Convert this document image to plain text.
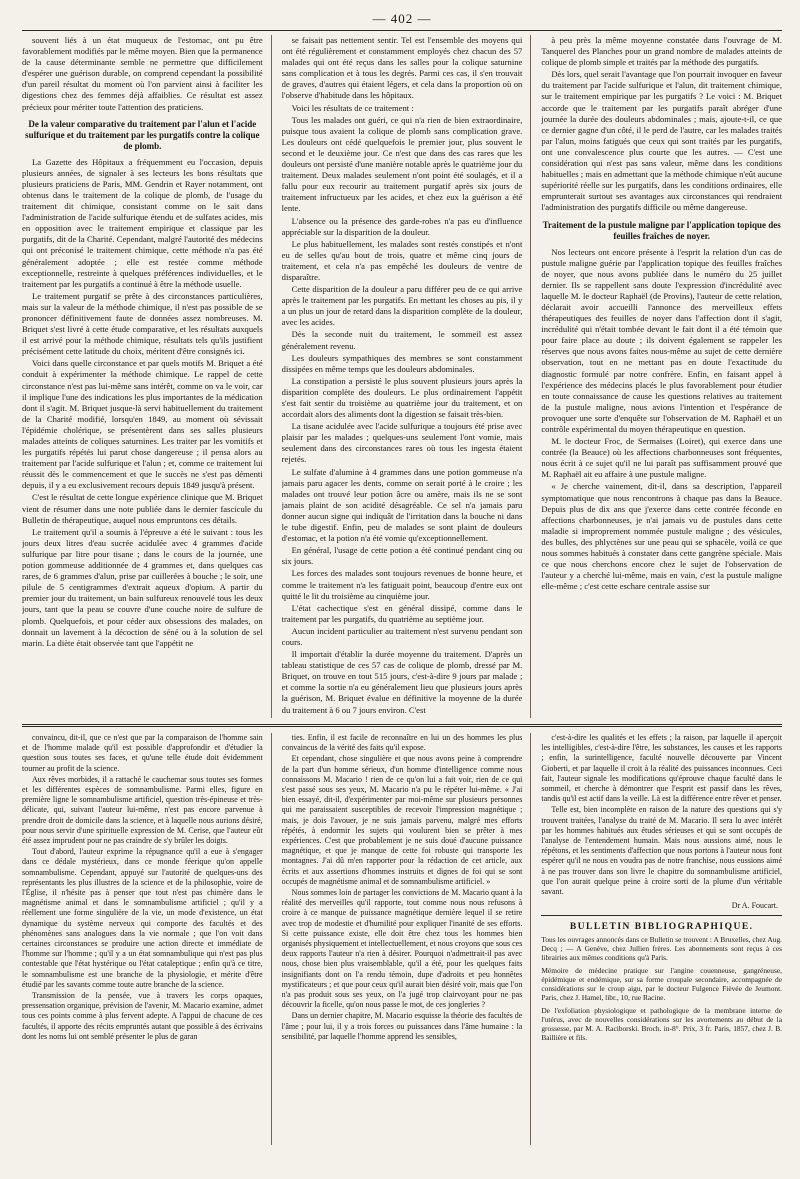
— 402 —

souvent liés à un état muqueux de l'estomac, ont pu être favorablement modifiés par le même moyen. Bien que la permanence de la cause déterminante semble ne permettre que difficilement d'espérer une guérison durable, on comprend cependant la possibilité d'un pareil résultat du moment où l'on parvient ainsi à faciliter les digestions chez des femmes déjà affaiblies. Ce résultat est assez précieux pour mériter toute l'attention des praticiens.

De la valeur comparative du traitement par l'alun et l'acide sulfurique et du traitement par les purgatifs contre la colique de plomb.

La Gazette des Hôpitaux a fréquemment eu l'occasion, depuis plusieurs années, de signaler à ses lecteurs les bons résultats que plusieurs praticiens de Paris, MM. Gendrin et Rayer notamment, ont obtenus dans le traitement de la colique de plomb, de l'usage du traitement dit chimique, consistant comme on le sait dans l'administration de l'acide sulfurique étendu et de sulfates acides, mis en opposition avec le traitement empirique et classique par les purgatifs, dit de la Charité. Cependant, malgré l'autorité des médecins qui ont préconisé le traitement chimique, cette méthode n'a pas été généralement adoptée ; elle est restée comme méthode exceptionnelle, restreinte à quelques préférences individuelles, et le traitement par les purgatifs a continué à être la méthode usuelle.

Le traitement purgatif se prête à des circonstances particulières, mais sur la valeur de la méthode chimique, il n'est pas possible de se prononcer définitivement faute de données assez nombreuses. M. Briquet s'est livré à cette étude comparative, et les résultats auxquels il est arrivé pour la méthode chimique, résultats tels qu'ils justifient précisément cette latitude du choix, méritent d'être consignés ici.

Voici dans quelle circonstance et par quels motifs M. Briquet a été conduit à expérimenter la méthode chimique. Le rappel de cette circonstance n'est pas lui-même sans intérêt, comme on va le voir, car il implique l'une des indications les plus importantes de la médication dont il s'agit. M. Briquet jusque-là servi habituellement du traitement de la Charité modifié, lorsqu'en 1849, au moment où sévissait l'épidémie cholérique, se présentèrent dans ses salles plusieurs malades atteints de coliques saturnines. Les traiter par les vomitifs et les purgatifs répétés lui parut chose dangereuse ; il pensa alors au traitement par l'acide sulfurique et l'alun ; et, comme ce traitement lui réussit dès le commencement et que le succès ne s'est pas démenti depuis, il y a eu exclusivement recours depuis 1849 jusqu'à présent.

C'est le résultat de cette longue expérience clinique que M. Briquet vient de résumer dans une note publiée dans le dernier fascicule du Bulletin de thérapeutique, auquel nous empruntons ces détails.

Le traitement qu'il a soumis à l'épreuve a été le suivant : tous les jours deux litres d'eau sucrée acidulée avec 4 grammes d'acide sulfurique par litre pour tisane ; dans le cours de la journée, une potion gommeuse additionnée de 4 grammes et, dans quelques cas rares, de 6 grammes d'alun, prise par cuillerées à bouche ; le soir, une pilule de 5 centigrammes d'extrait aqueux d'opium. A partir du premier jour du traitement, un bain sulfureux renouvelé tous les deux jours, tant que la peau se couvre d'une couche noire de sulfure de plomb. Quelquefois, et pour céder aux obsessions des malades, on donnait un lavement à la décoction de séné ou à la solution de sel marin. La diète était observée tant que l'appétit ne

se faisait pas nettement sentir. Tel est l'ensemble des moyens qui ont été régulièrement et constamment employés chez chacun des 57 malades qui ont été reçus dans les salles pour la colique saturnine sans complication et à tous les degrés. Parmi ces cas, il s'en trouvait de graves, d'autres qui étaient légers, et cela dans la proportion où on l'observe d'habitude dans les hôpitaux.

Voici les résultats de ce traitement :

Tous les malades ont guéri, ce qui n'a rien de bien extraordinaire, puisque tous avaient la colique de plomb sans complication grave. Les douleurs ont cédé quelquefois le premier jour, plus souvent le second et le deuxième jour. Ce n'est que dans des cas rares que les douleurs ont persisté d'une manière notable après le quatrième jour du traitement. Deux malades seulement n'ont point été soulagés, et il a fallu pour eux recourir au traitement purgatif après six jours de traitement infructueux par les acides, et chez eux la guérison a été lente.

L'absence ou la présence des garde-robes n'a pas eu d'influence appréciable sur la disparition de la douleur.

Le plus habituellement, les malades sont restés constipés et n'ont eu de selles qu'au bout de trois, quatre et même cinq jours de traitement, et cela n'a pas empêché les douleurs de ventre de disparaître.

Cette disparition de la douleur a paru différer peu de ce qui arrive après le traitement par les purgatifs. En mettant les choses au pis, il y a un plus un jour de retard dans la disparition complète de la douleur, avec les acides.

Dès la seconde nuit du traitement, le sommeil est assez généralement revenu.

Les douleurs sympathiques des membres se sont constamment dissipées en même temps que les douleurs abdominales.

La constipation a persisté le plus souvent plusieurs jours après la disparition complète des douleurs. Le plus ordinairement l'appétit s'est fait sentir du troisième au quatrième jour du traitement, et on accordait alors des aliments dont la digestion se faisait très-bien.

La tisane acidulée avec l'acide sulfurique a toujours été prise avec plaisir par les malades ; quelques-uns seulement l'ont vomie, mais seulement dans des circonstances rares où tous les ingesta étaient rejetés.

Le sulfate d'alumine à 4 grammes dans une potion gommeuse n'a jamais paru agacer les dents, comme on serait porté à le croire ; les malades ont trouvé leur potion âcre ou amère, mais ils ne se sont jamais plaint de son acidité désagréable. Ce sel n'a jamais paru donner aucun signe qui indiquât de l'irritation dans la bouche ni dans le tube digestif. Enfin, peu de malades se sont plaint de douleurs d'estomac, et la potion n'a été vomie qu'exceptionnellement.

En général, l'usage de cette potion a été continué pendant cinq ou six jours.

Les forces des malades sont toujours revenues de bonne heure, et comme le traitement n'a les fatiguait point, beaucoup d'entre eux ont quitté le lit du troisième au cinquième jour.

L'état cachectique s'est en général dissipé, comme dans le traitement par les purgatifs, du quatrième au septième jour.

Aucun incident particulier au traitement n'est survenu pendant son cours.

Il importait d'établir la durée moyenne du traitement. D'après un tableau statistique de ces 57 cas de colique de plomb, dressé par M. Briquet, on trouve en tout 515 jours, c'est-à-dire 9 jours par malade ; et comme la sortie n'a eu généralement lieu que plusieurs jours après la guérison, M. Briquet évalue en définitive la moyenne de la durée du traitement à 6 ou 7 jours environ. C'est

à peu près la même moyenne constatée dans l'ouvrage de M. Tanquerel des Planches pour un grand nombre de malades atteints de colique de plomb simple et traités par la méthode des purgatifs.

Dès lors, quel serait l'avantage que l'on pourrait invoquer en faveur du traitement par l'acide sulfurique et l'alun, dit traitement chimique, sur le traitement empirique par les purgatifs ? Le voici : M. Briquet accorde que le traitement par les purgatifs paraît abréger d'une journée la durée des douleurs abdominales ; mais, ajoute-t-il, ce que ce dernier gagne d'un côté, il le perd de l'autre, car les malades traités par l'alun, moins fatigués que ceux qui sont traités par les purgatifs, ont une convalescence plus courte que les autres. — C'est une considération qui n'est pas sans valeur, même dans les conditions habituelles ; mais en admettant que la méthode chimique n'eût aucune supériorité réelle sur les purgatifs, dans les conditions ordinaires, elle emprunterait surtout ses avantages aux circonstances qui rendraient l'administration des purgatifs difficile ou même dangereuse.

Traitement de la pustule maligne par l'application topique des feuilles fraîches de noyer.

Nos lecteurs ont encore présente à l'esprit la relation d'un cas de pustule maligne guérie par l'application topique des feuilles fraîches de noyer, que nous avons publiée dans le numéro du 25 juillet dernier. Ils se rappellent sans doute l'expression d'incrédulité avec laquelle M. le docteur Raphaël (de Provins), l'auteur de cette relation, déclarait avoir accueilli l'annonce des merveilleux effets thérapeutiques des feuilles de noyer dans l'affection dont il s'agit, incrédulité qui n'était tombée devant le fait dont il a été témoin que pour faire place au doute ; ils doivent également se rappeler les réserves que nous avons faites nous-même au sujet de cette dernière observation, tout en ne mettant pas en doute l'exactitude du diagnostic formulé par notre confrère. Enfin, en faisant appel à l'expérience des médecins placés le plus favorablement pour étudier en toute connaissance de cause les questions relatives au traitement de la pustule maligne, nous avions l'intention et l'espérance de provoquer une sorte d'enquête sur l'observation de M. Raphaël et un contrôle expérimental du moyen thérapeutique en question.

M. le docteur Froc, de Sermaises (Loiret), qui exerce dans une contrée (la Beauce) où les affections charbonneuses sont fréquentes, nous écrit à ce sujet qu'il ne lui paraît pas suffisamment prouvé que M. Raphaël ait eu affaire à une pustule maligne.

« Je cherche vainement, dit-il, dans sa description, l'appareil symptomatique que nous rencontrons à chaque pas dans la Beauce. Depuis plus de dix ans que j'exerce dans cette contrée féconde en affections charbonneuses, je n'ai jamais vu de pustules dans cette maladie si improprement nommée pustule maligne ; des vésicules, des bulles, des phlyctènes sur une peau qui se sphacèle, voilà ce que nous sommes habitués à constater dans cette gangrène spéciale. Mais ce que nous cherchons encore chez le sujet de l'observation de l'auteur y a cherché lui-même, mais en vain, c'est la pustule maligne elle-même ; c'est cette eschare centrale assise sur

convaincu, dit-il, que ce n'est que par la comparaison de l'homme sain et de l'homme malade qu'il est possible d'approfondir et d'étudier la question sous toutes ses faces, et qu'une telle étude doit évidemment tourner au profit de la science.

Aux rêves morbides, il a rattaché le cauchemar sous toutes ses formes et les différentes espèces de somnambulisme. Parmi elles, figure en première ligne le somnambulisme artificiel, question très-épineuse et très-délicate, qui, suivant l'auteur lui-même, n'est pas encore parvenue à prendre droit de domicile dans la science, et à laquelle nous aurions désiré, pour nous servir d'une spirituelle expression de M. Cerise, que l'auteur eût été assez imprudent pour ne pas craindre de s'y brûler les doigts.

Tout d'abord, l'auteur exprime la répugnance qu'il a eue à s'engager dans ce dédale mystérieux, dans ce monde féerique qu'on appelle somnambulisme. Cependant, appuyé sur l'autorité de quelques-uns des représentants les plus illustres de la science et de la philosophie, voire de l'Église, il n'hésite pas à penser que tout n'est pas chimère dans le magnétisme animal et dans le somnambulisme artificiel ; qu'il y a réellement une forme singulière de la vie, un mode d'existence, un état dynamique du système nerveux qui comporte des facultés et des phénomènes sans analogues dans la vie normale ; que l'on voit dans certaines circonstances se produire une action directe et immédiate de l'homme sur l'homme ; qu'il y a un état somnambulique qui n'est pas plus contestable que l'état hystérique ou l'état cataleptique ; enfin qu'à ce titre, le somnambulisme est une branche de la physiologie, et mérite d'être étudié par les savants comme toute autre branche de la science.

Transmission de la pensée, vue à travers les corps opaques, pressensation organique, prévision de l'avenir, M. Macario examine, admet tous ces points comme à plus fervent adepte. A l'appui de chacune de ces facultés, il apporte des récits empruntés autant que possible à des écrivains dont les noms lui ont semblé présenter le plus de garan

ties. Enfin, il est facile de reconnaître en lui un des hommes les plus convaincus de la vérité des faits qu'il expose.

Et cependant, chose singulière et que nous avons peine à comprendre de la part d'un homme sérieux, d'un homme d'intelligence comme nous connaissons M. Macario ! rien de ce qu'on lui a fait voir, rien de ce qui s'est passé sous ses yeux, M. Macario n'a pu le répéter lui-même. « J'ai bien essayé, dit-il, d'expérimenter par moi-même sur plusieurs personnes qui me paraissaient susceptibles de recevoir l'impression magnétique ; mais, je dois l'avouer, je ne suis jamais parvenu, malgré mes efforts répétés, à endormir les sujets qui voulurent bien se prêter à mes expériences. C'est que probablement je ne suis doué d'aucune puissance magnétique, et que je manque de cette foi robuste qui transporte les montagnes. J'ai dû m'en rapporter pour la rédaction de cet article, aux écrits et aux assertions d'hommes instruits et dignes de foi qui se sont occupés de magnétisme animal et de somnambulisme artificiel. »

Nous sommes loin de partager les convictions de M. Macario quant à la réalité des merveilles qu'il rapporte, tout comme nous nous refusons à croire à ce manque de puissance magnétique dernière lequel il se retire avec trop de modestie et d'humilité pour expliquer l'inanité de ses efforts. Si cette puissance existe, elle doit être chez tous les hommes bien organisés physiquement et intellectuellement, et nous croyons que sous ces deux rapports l'auteur n'a rien à désirer. Pourquoi n'admettrait-il pas avec nous, chose bien plus vraisemblable, qu'il a été, pour les quelques faits insignifiants dont on l'a rendu témoin, dupe d'adroits et peu honnêtes mystificateurs ; et que pour ceux qu'il aurait bien désiré voir, mais que l'on n'a pas produit sous ses yeux, on l'a jugé trop clairvoyant pour ne pas découvrir la ficelle, qu'on nous passe le mot, de ces jongleries ?

Dans un dernier chapitre, M. Macario esquisse la théorie des facultés de l'âme ; pour lui, il y a trois forces ou puissances dans l'âme humaine : la sensibilité, par laquelle l'homme apprend les sensibles,

c'est-à-dire les qualités et les effets ; la raison, par laquelle il aperçoit les intelligibles, c'est-à-dire l'être, les substances, les causes et les rapports ; enfin, la surintelligence, faculté nouvelle découverte par Vincent Gioberti, et par laquelle il croit à la réalité des puissances inconnues. Ceci fait, l'auteur signale les modifications qu'éprouve chaque faculté dans le sommeil, et cherche à démontrer que l'esprit est passif dans les rêves, tandis qu'il est actif dans la veille. Là est la différence entre rêver et penser.

Telle est, bien incomplète en raison de la nature des questions qui s'y trouvent traitées, l'analyse du traité de M. Macario. Il sera lu avec intérêt par les hommes habitués aux études sérieuses et qui se sont occupés de l'analyse de l'entendement humain. Mais nous aussions aimé, nous le répétons, et les sentiments d'affection que nous portons à l'auteur nous font espérer qu'il ne nous en voudra pas de notre franchise, nous eussions aimé à ne pas trouver dans son livre le chapitre du somnambulisme artificiel, que l'on aurait quelque peine à croire sorti de la plume d'un véritable savant.

Dr A. Foucart.
BULLETIN BIBLIOGRAPHIQUE.

Tous les ouvrages annoncés dans ce Bulletin se trouvent : A Bruxelles, chez Aug. Decq ; — A Genève, chez Jullien frères. Les abonnements sont reçus à ces librairies aux mêmes conditions qu'à Paris.

Mémoire de médecine pratique sur l'angine couenneuse, gangréneuse, épidémique et endémique, sur sa forme croupale secondaire, accompagnée de considérations sur le croup aigu, par le docteur Fulgence Fièvée de Jeumont. Paris, chez J. Hamel, libr., 10, rue Racine.

De l'exfoliation physiologique et pathologique de la membrane interne de l'utérus, avec de nouvelles considérations sur les avortements au début de la grossesse, par M. A. Raciborski. Broch. in-8°. Prix, 3 fr. Paris, 1857, chez J. B. Baillière et fils.
